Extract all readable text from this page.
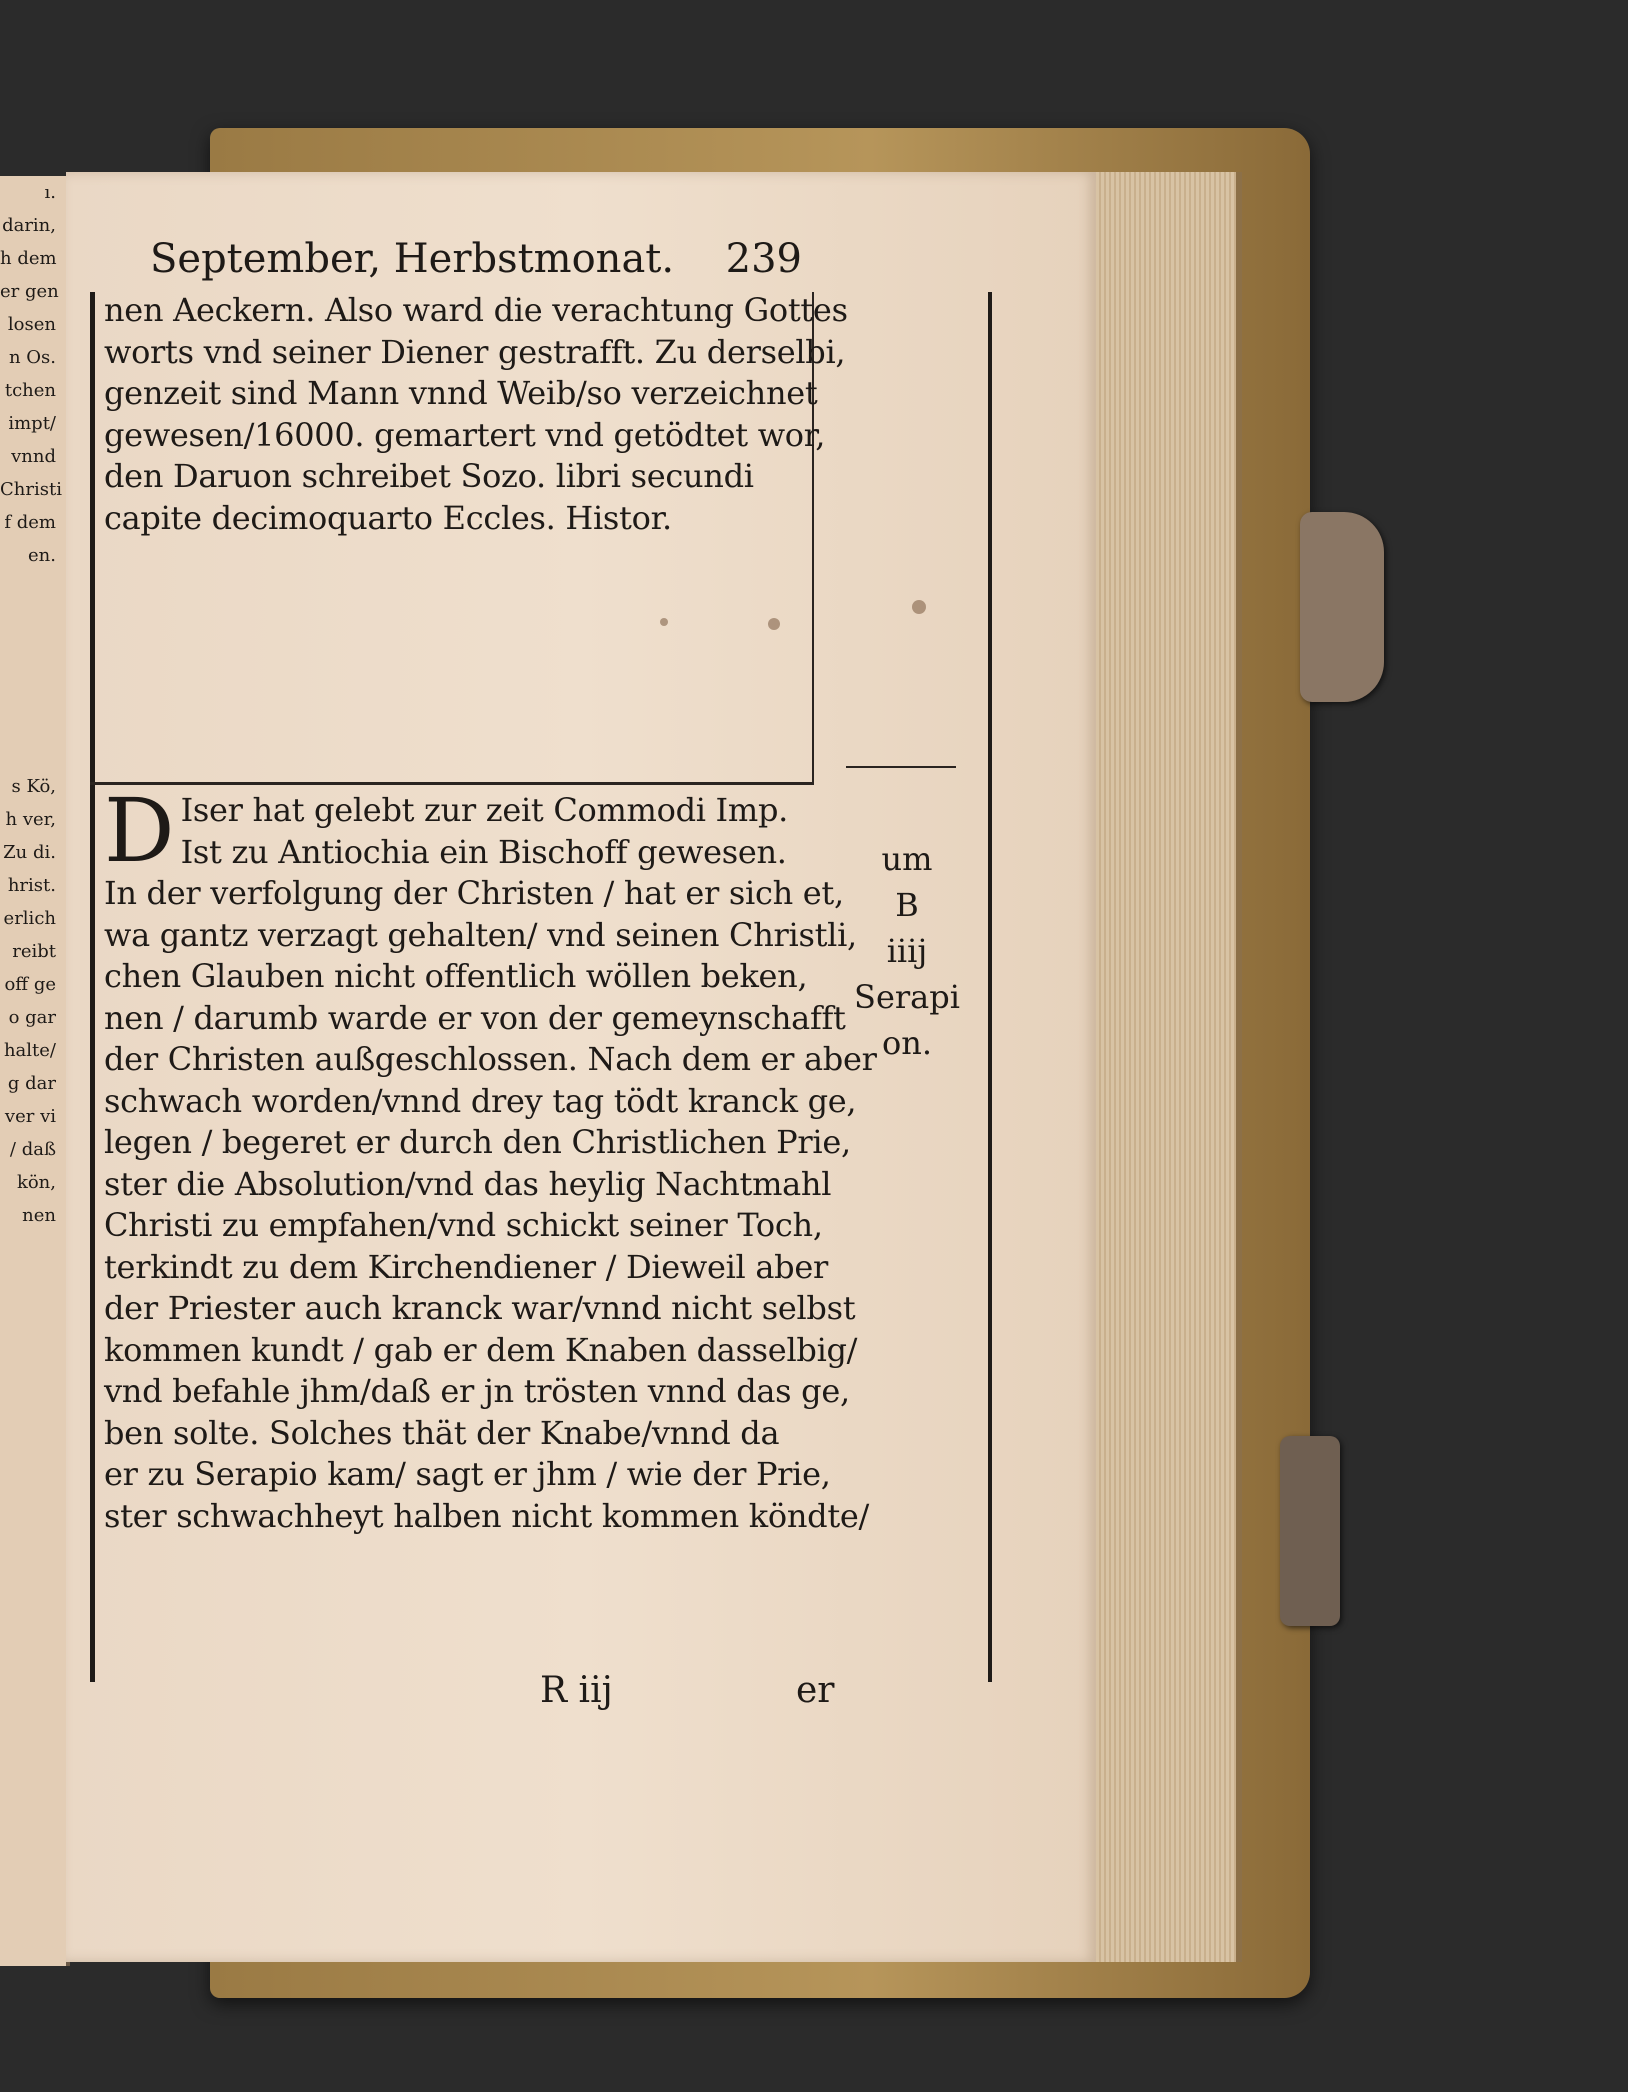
ı.
darin,
h dem
er gen
losen
n Os.
tchen
impt/
vnnd
Christi
f dem
en.

s Kö,
h ver,
Zu di.
hrist.
erlich
reibt
off ge
o gar
halte/
g dar
ver vi
/ daß
kön,
nen
September, Herbstmonat. 239
nen Aeckern. Also ward die verachtung Gottes
worts vnd seiner Diener gestrafft. Zu derselbi,
genzeit sind Mann vnnd Weib/so verzeichnet
gewesen/16000. gemartert vnd getödtet wor,
den Daruon schreibet Sozo. libri secundi
capite decimoquarto Eccles. Histor.
D Iser hat gelebt zur zeit Commodi Imp.
Ist zu Antiochia ein Bischoff gewesen.
In der verfolgung der Christen / hat er sich et,
wa gantz verzagt gehalten/ vnd seinen Christli,
chen Glauben nicht offentlich wöllen beken,
nen / darumb warde er von der gemeynschafft
der Christen außgeschlossen. Nach dem er aber
schwach worden/vnnd drey tag tödt kranck ge,
legen / begeret er durch den Christlichen Prie,
ster die Absolution/vnd das heylig Nachtmahl
Christi zu empfahen/vnd schickt seiner Toch,
terkindt zu dem Kirchendiener / Dieweil aber
der Priester auch kranck war/vnnd nicht selbst
kommen kundt / gab er dem Knaben dasselbig/
vnd befahle jhm/daß er jn trösten vnnd das ge,
ben solte. Solches thät der Knabe/vnnd da
er zu Serapio kam/ sagt er jhm / wie der Prie,
ster schwachheyt halben nicht kommen köndte/
um
B
iiij
Serapi
on.
R iij	er
